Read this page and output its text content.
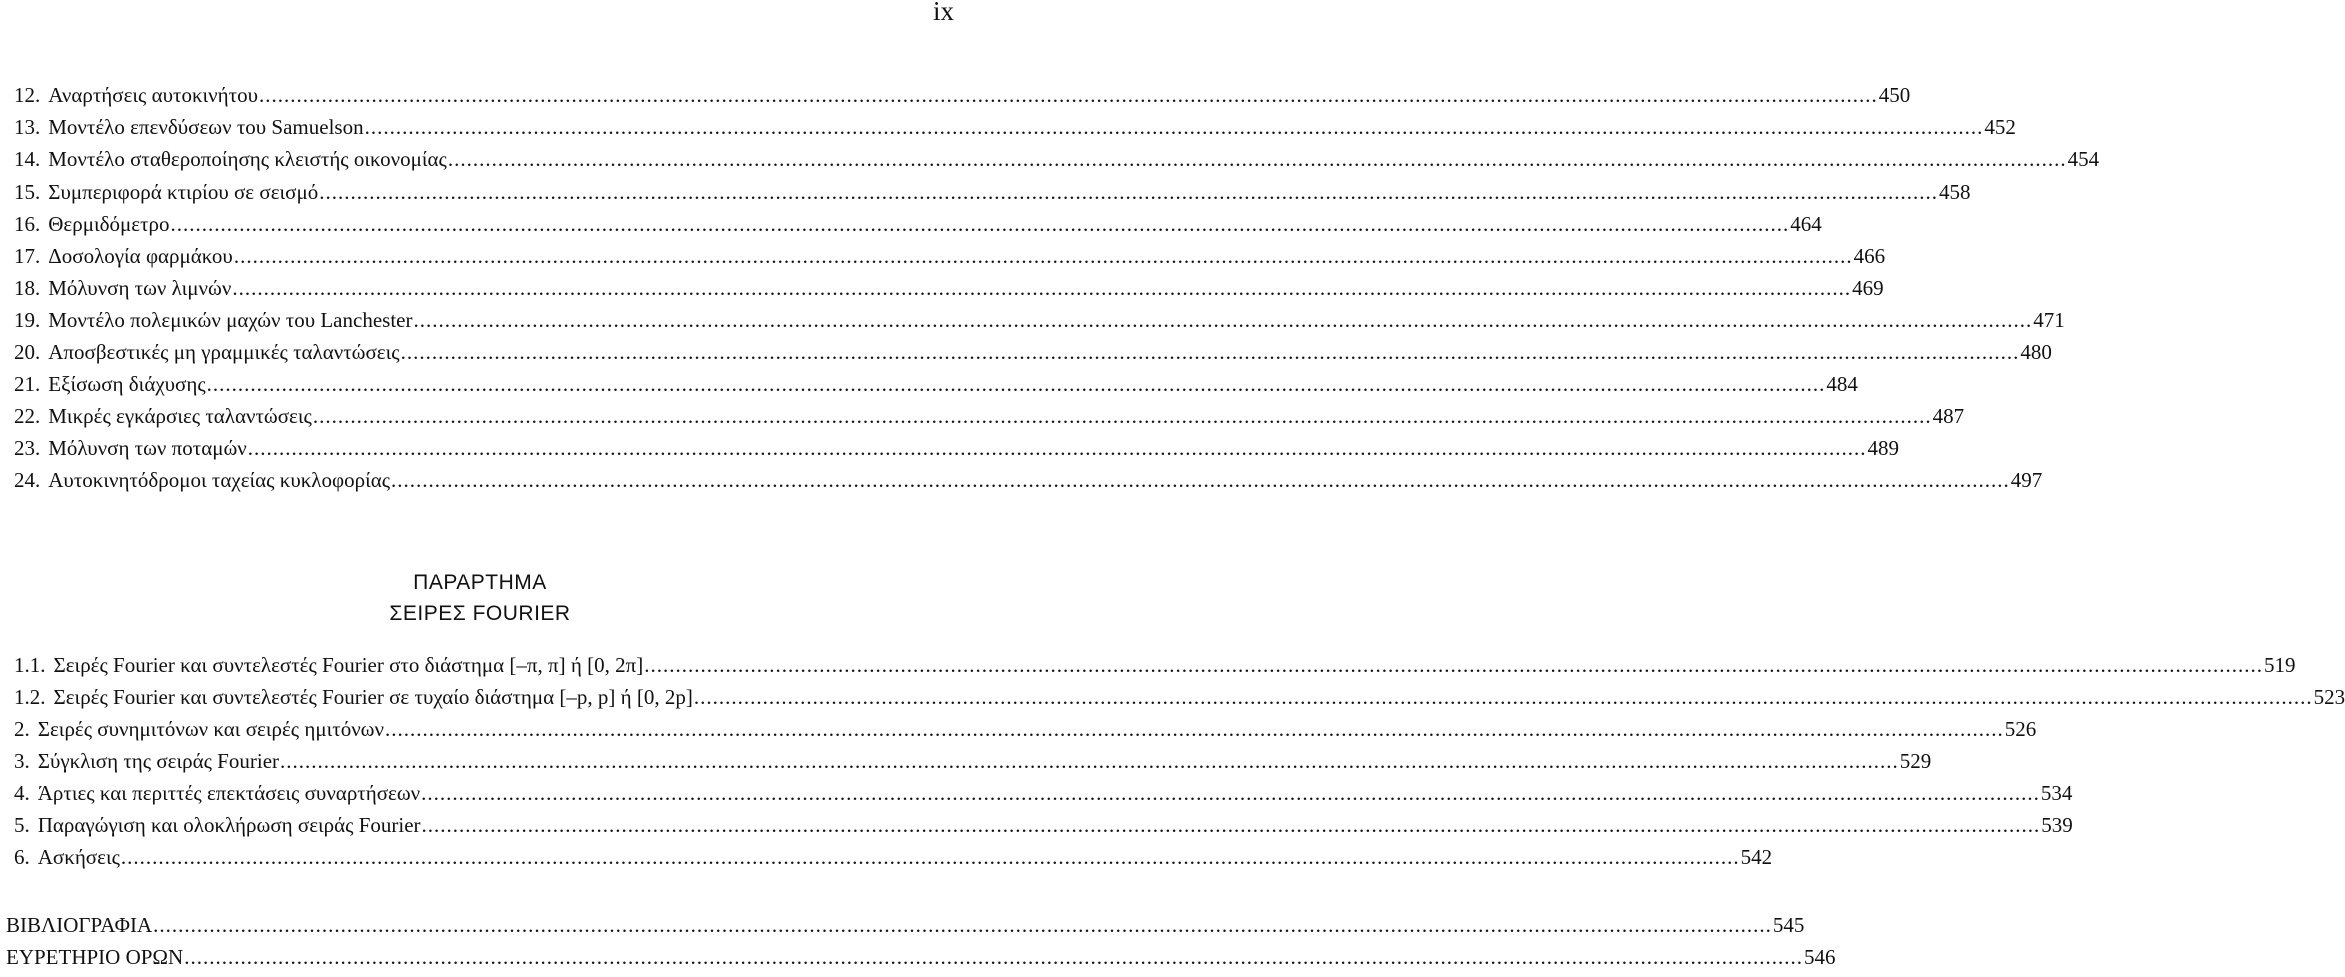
ix
12. Αναρτήσεις αυτοκινήτου .....	450
13. Μοντέλο επενδύσεων του Samuelson .....	452
14. Μοντέλο σταθεροποίησης κλειστής οικονομίας .....	454
15. Συμπεριφορά κτιρίου σε σεισμό .....	458
16. Θερμιδόμετρο .....	464
17. Δοσολογία φαρμάκου .....	466
18. Μόλυνση των λιμνών .....	469
19. Μοντέλο πολεμικών μαχών του Lanchester .....	471
20. Αποσβεστικές μη γραμμικές ταλαντώσεις .....	480
21. Εξίσωση διάχυσης .....	484
22. Μικρές εγκάρσιες ταλαντώσεις .....	487
23. Μόλυνση των ποταμών .....	489
24. Αυτοκινητόδρομοι ταχείας κυκλοφορίας .....	497
ΠΑΡΑΡΤΗΜΑ
ΣΕΙΡΕΣ FOURIER
1.1. Σειρές Fourier και συντελεστές Fourier στο διάστημα [–π, π] ή [0, 2π] .....	519
1.2. Σειρές Fourier και συντελεστές Fourier σε τυχαίο διάστημα [–p, p] ή [0, 2p] .....	523
2. Σειρές συνημιτόνων και σειρές ημιτόνων .....	526
3. Σύγκλιση της σειράς Fourier .....	529
4. Άρτιες και περιττές επεκτάσεις συναρτήσεων .....	534
5. Παραγώγιση και ολοκλήρωση σειράς Fourier .....	539
6. Ασκήσεις .....	542
ΒΙΒΛΙΟΓΡΑΦΙΑ .....	545
ΕΥΡΕΤΗΡΙΟ ΟΡΩΝ .....	546
